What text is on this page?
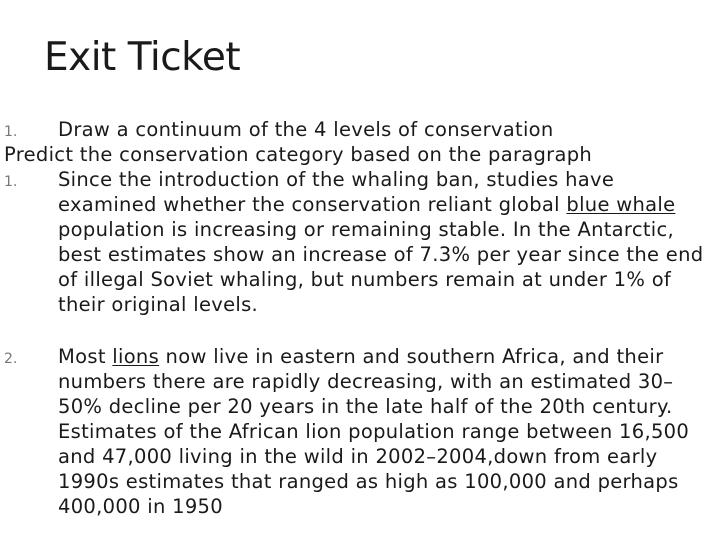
Exit Ticket
1. Draw a continuum of the 4 levels of conservation

Predict the conservation category based on the paragraph

1. Since the introduction of the whaling ban, studies have examined whether the conservation reliant global blue whale population is increasing or remaining stable. In the Antarctic, best estimates show an increase of 7.3% per year since the end of illegal Soviet whaling, but numbers remain at under 1% of their original levels.
2. Most lions now live in eastern and southern Africa, and their numbers there are rapidly decreasing, with an estimated 30–50% decline per 20 years in the late half of the 20th century. Estimates of the African lion population range between 16,500 and 47,000 living in the wild in 2002–2004,down from early 1990s estimates that ranged as high as 100,000 and perhaps 400,000 in 1950
